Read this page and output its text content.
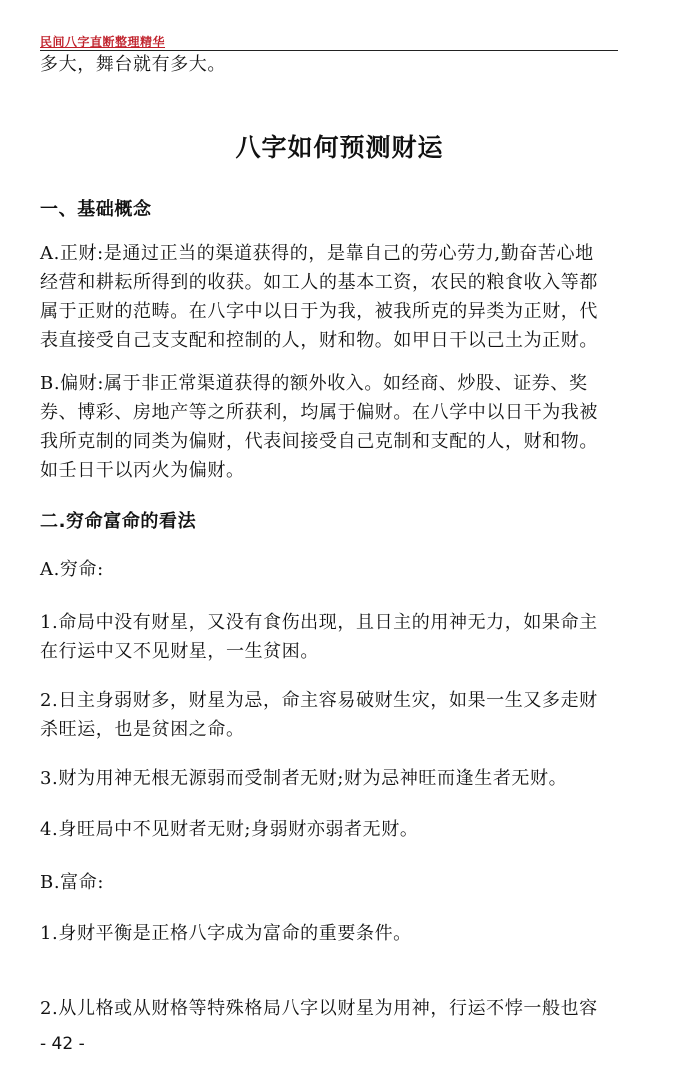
民间八字直断整理精华
多大，舞台就有多大。
八字如何预测财运
一、基础概念
A.正财:是通过正当的渠道获得的，是靠自己的劳心劳力,勤奋苦心地
经营和耕耘所得到的收获。如工人的基本工资，农民的粮食收入等都
属于正财的范畴。在八字中以日于为我，被我所克的异类为正财，代
表直接受自己支支配和控制的人，财和物。如甲日干以己土为正财。
B.偏财:属于非正常渠道获得的额外收入。如经商、炒股、证券、奖
券、博彩、房地产等之所获利，均属于偏财。在八学中以日干为我被
我所克制的同类为偏财，代表间接受自己克制和支配的人，财和物。
如壬日干以丙火为偏财。
二.穷命富命的看法
A.穷命:
1.命局中没有财星，又没有食伤出现，且日主的用神无力，如果命主
在行运中又不见财星，一生贫困。
2.日主身弱财多，财星为忌，命主容易破财生灾，如果一生又多走财
杀旺运，也是贫困之命。
3.财为用神无根无源弱而受制者无财;财为忌神旺而逢生者无财。
4.身旺局中不见财者无财;身弱财亦弱者无财。
B.富命:
1.身财平衡是正格八字成为富命的重要条件。
2.从儿格或从财格等特殊格局八字以财星为用神，行运不悖一般也容
- 42 -
